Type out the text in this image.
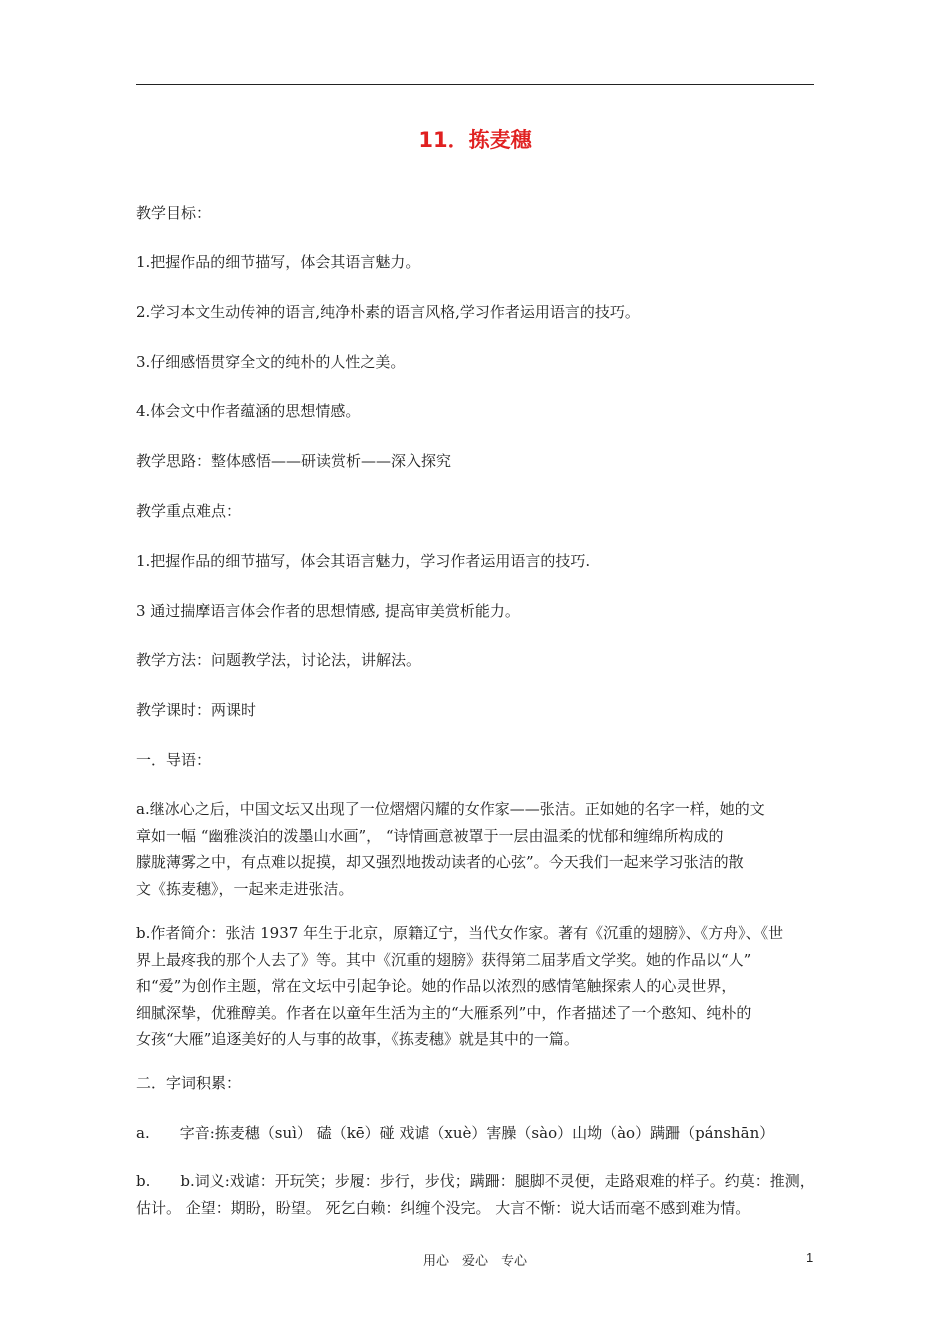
11．拣麦穗
教学目标：
1.把握作品的细节描写，体会其语言魅力。
2.学习本文生动传神的语言,纯净朴素的语言风格,学习作者运用语言的技巧。
3.仔细感悟贯穿全文的纯朴的人性之美。
4.体会文中作者蕴涵的思想情感。
教学思路：整体感悟——研读赏析——深入探究
教学重点难点：
1.把握作品的细节描写，体会其语言魅力，学习作者运用语言的技巧.
3 通过揣摩语言体会作者的思想情感, 提高审美赏析能力。
教学方法：问题教学法，讨论法，讲解法。
教学课时：两课时
一．导语：
a.继冰心之后，中国文坛又出现了一位熠熠闪耀的女作家——张洁。正如她的名字一样，她的文
章如一幅 “幽雅淡泊的泼墨山水画”， “诗情画意被罩于一层由温柔的忧郁和缠绵所构成的
朦胧薄雾之中，有点难以捉摸，却又强烈地拨动读者的心弦”。今天我们一起来学习张洁的散
文《拣麦穗》，一起来走进张洁。
b.作者简介：张洁 1937 年生于北京，原籍辽宁，当代女作家。著有《沉重的翅膀》、《方舟》、《世
界上最疼我的那个人去了》等。其中《沉重的翅膀》获得第二届茅盾文学奖。她的作品以“人”
和“爱”为创作主题，常在文坛中引起争论。她的作品以浓烈的感情笔触探索人的心灵世界，
细腻深挚，优雅醇美。作者在以童年生活为主的“大雁系列”中，作者描述了一个憨知、纯朴的
女孩“大雁”追逐美好的人与事的故事，《拣麦穗》就是其中的一篇。
二．字词积累：
a.　　字音:拣麦穗（suì） 磕（kē）碰 戏谑（xuè）害臊（sào）山坳（ào）蹒跚（pánshān）
b.　　b.词义:戏谑：开玩笑；步履：步行，步伐；蹒跚：腿脚不灵便，走路艰难的样子。约莫：推测，
估计。 企望：期盼，盼望。 死乞白赖：纠缠个没完。 大言不惭：说大话而毫不感到难为情。
用心　爱心　专心	1
